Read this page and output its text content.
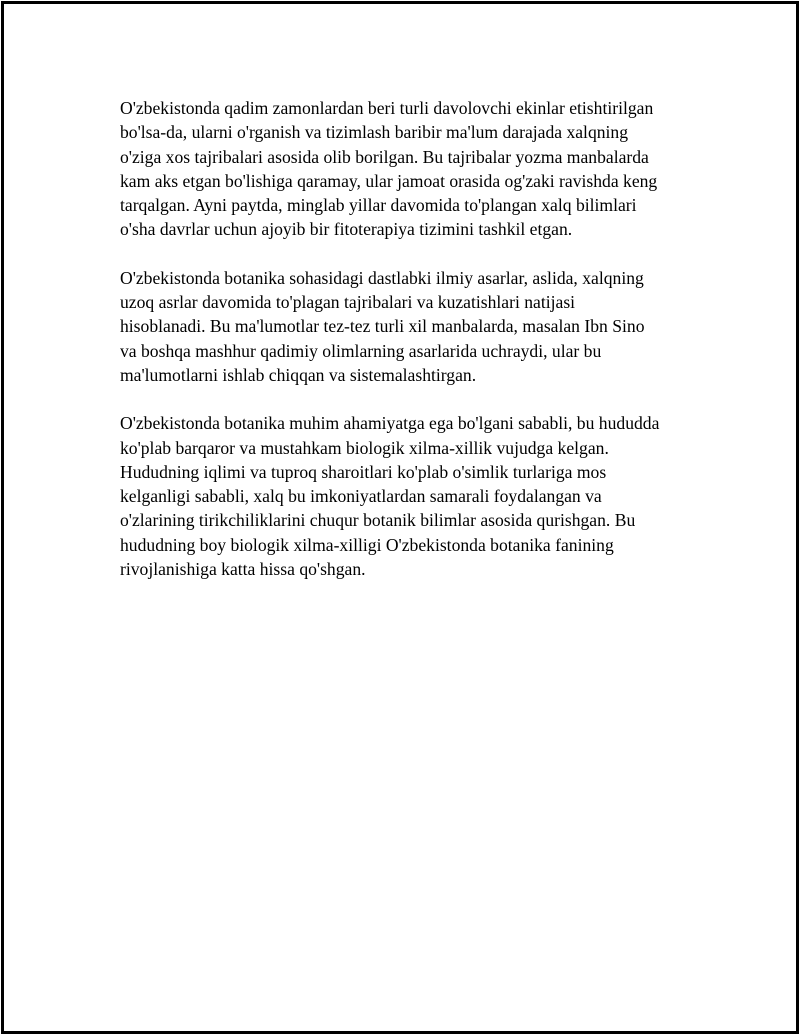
O'zbekistonda qadim zamonlardan beri turli davolovchi ekinlar etishtirilgan
bo'lsa-da, ularni o'rganish va tizimlash baribir ma'lum darajada xalqning
o'ziga xos tajribalari asosida olib borilgan. Bu tajribalar yozma manbalarda
kam aks etgan bo'lishiga qaramay, ular jamoat orasida og'zaki ravishda keng
tarqalgan. Ayni paytda, minglab yillar davomida to'plangan xalq bilimlari
o'sha davrlar uchun ajoyib bir fitoterapiya tizimini tashkil etgan.

O'zbekistonda botanika sohasidagi dastlabki ilmiy asarlar, aslida, xalqning
uzoq asrlar davomida to'plagan tajribalari va kuzatishlari natijasi
hisoblanadi. Bu ma'lumotlar tez-tez turli xil manbalarda, masalan Ibn Sino
va boshqa mashhur qadimiy olimlarning asarlarida uchraydi, ular bu
ma'lumotlarni ishlab chiqqan va sistemalashtirgan.

O'zbekistonda botanika muhim ahamiyatga ega bo'lgani sababli, bu hududda
ko'plab barqaror va mustahkam biologik xilma-xillik vujudga kelgan.
Hududning iqlimi va tuproq sharoitlari ko'plab o'simlik turlariga mos
kelganligi sababli, xalq bu imkoniyatlardan samarali foydalangan va
o'zlarining tirikchiliklarini chuqur botanik bilimlar asosida qurishgan. Bu
hududning boy biologik xilma-xilligi O'zbekistonda botanika fanining
rivojlanishiga katta hissa qo'shgan.
